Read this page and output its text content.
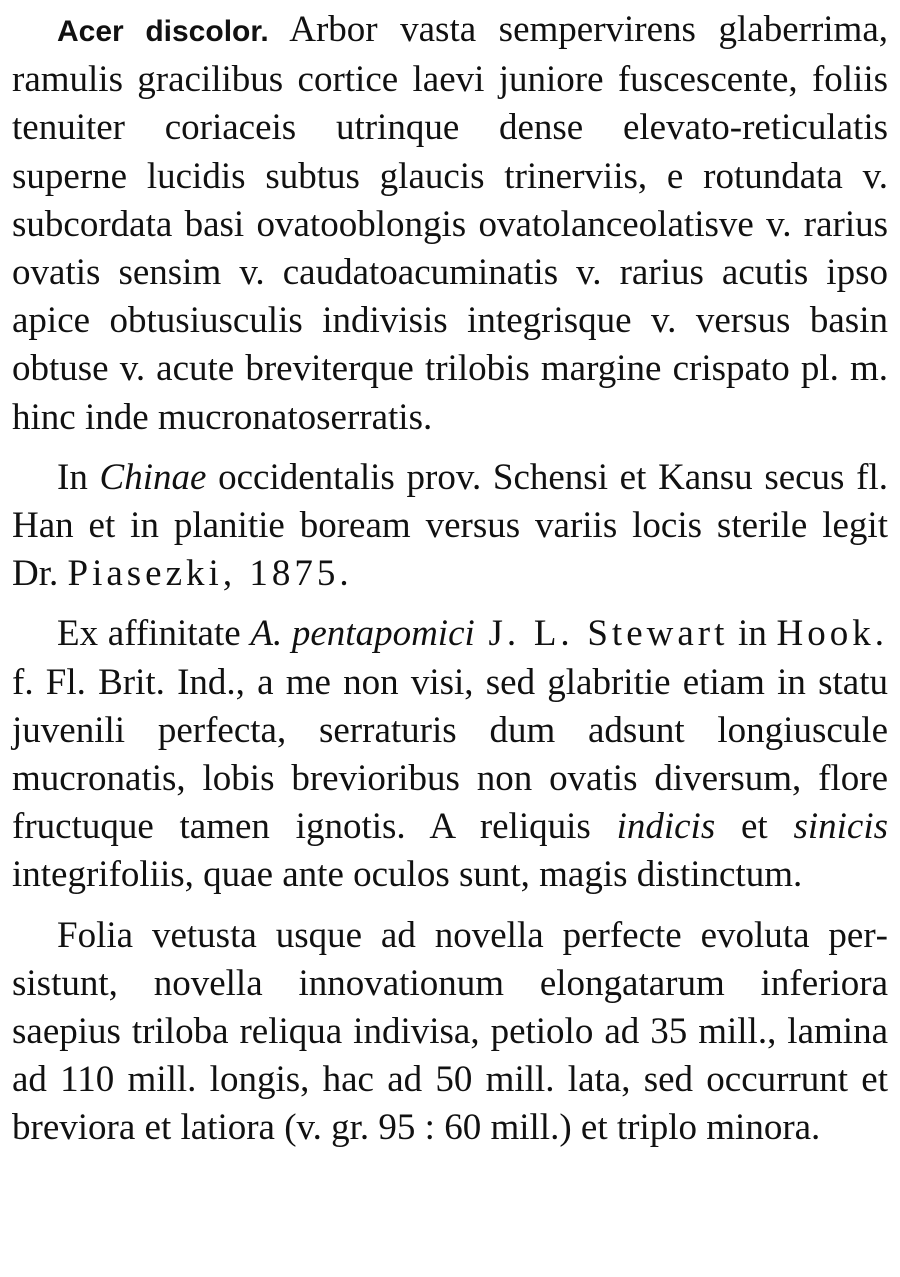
Acer discolor. Arbor vasta sempervirens glaberrima, ramulis gracilibus cortice laevi juniore fuscescente, foliis tenuiter coriaceis utrinque dense elevato-reticulatis superne lucidis subtus glaucis trinerviis, e rotundata v. subcordata basi ovatooblongis ovatolanceolatisve v. rarius ovatis sensim v. caudatoacuminatis v. rarius acutis ipso apice obtusiusculis indivisis integrisque v. versus basin obtuse v. acute breviterque trilobis margine crispato pl. m. hinc inde mucronatoserratis.

In Chinae occidentalis prov. Schensi et Kansu secus fl. Han et in planitie boream versus variis locis sterile legit Dr. Piasezki, 1875.

Ex affinitate A. pentapomici J. L. Stewart in Hook. f. Fl. Brit. Ind., a me non visi, sed glabritie etiam in statu juvenili perfecta, serraturis dum adsunt longiuscule mucronatis, lobis brevioribus non ovatis diversum, flore fructuque tamen ignotis. A reliquis indicis et sinicis integrifoliis, quae ante oculos sunt, magis distinctum.

Folia vetusta usque ad novella perfecte evoluta persistunt, novella innovationum elongatarum inferiora saepius triloba reliqua indivisa, petiolo ad 35 mill., lamina ad 110 mill. longis, hac ad 50 mill. lata, sed occurrunt et breviora et latiora (v. gr. 95 : 60 mill.) et triplo minora.
